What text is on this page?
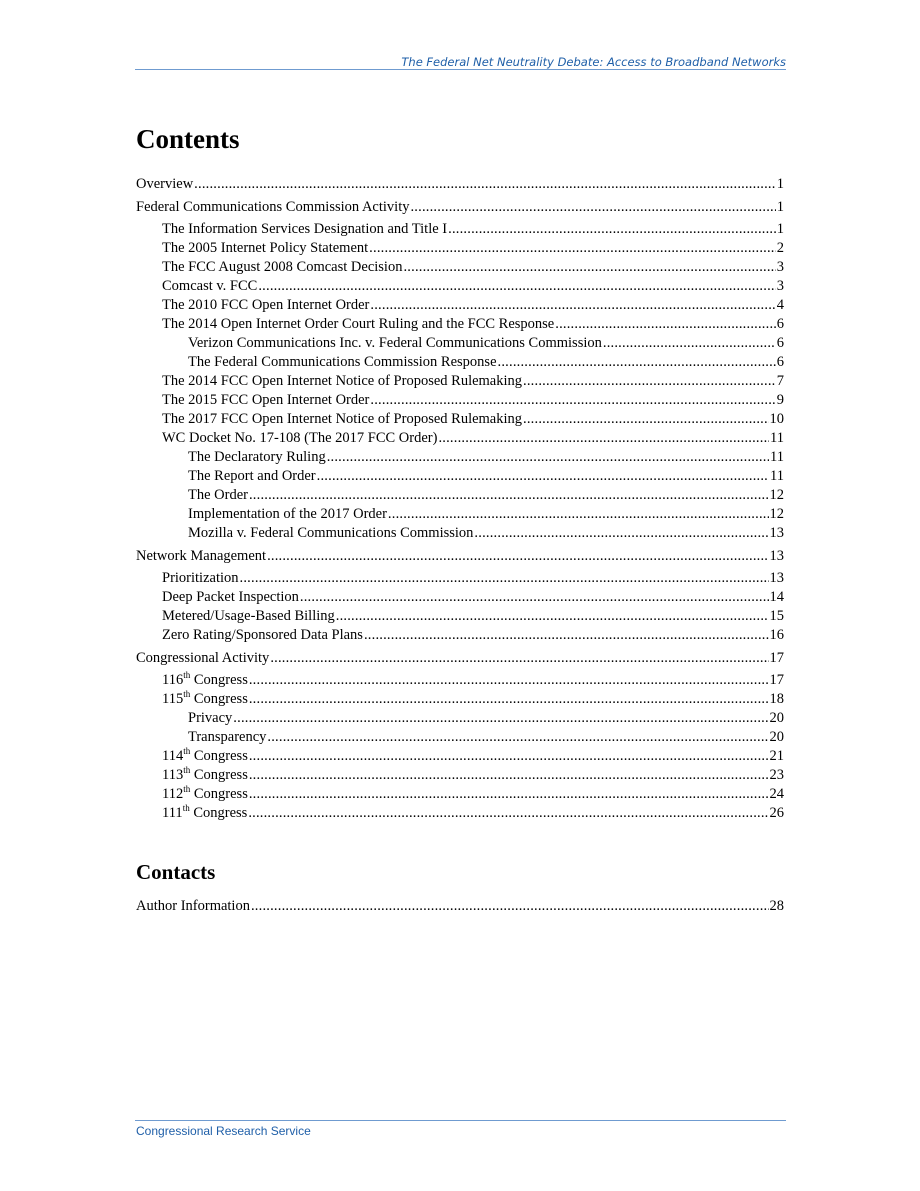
The Federal Net Neutrality Debate: Access to Broadband Networks
Contents
Overview .....	1
Federal Communications Commission Activity .....	1
The Information Services Designation and Title I .....	1
The 2005 Internet Policy Statement .....	2
The FCC August 2008 Comcast Decision .....	3
Comcast v. FCC .....	3
The 2010 FCC Open Internet Order .....	4
The 2014 Open Internet Order Court Ruling and the FCC Response .....	6
Verizon Communications Inc. v. Federal Communications Commission .....	6
The Federal Communications Commission Response .....	6
The 2014 FCC Open Internet Notice of Proposed Rulemaking .....	7
The 2015 FCC Open Internet Order .....	9
The 2017 FCC Open Internet Notice of Proposed Rulemaking .....	10
WC Docket No. 17-108 (The 2017 FCC Order) .....	11
The Declaratory Ruling .....	11
The Report and Order .....	11
The Order .....	12
Implementation of the 2017 Order .....	12
Mozilla v. Federal Communications Commission .....	13
Network Management .....	13
Prioritization .....	13
Deep Packet Inspection .....	14
Metered/Usage-Based Billing .....	15
Zero Rating/Sponsored Data Plans .....	16
Congressional Activity .....	17
116th Congress .....	17
115th Congress .....	18
Privacy .....	20
Transparency .....	20
114th Congress .....	21
113th Congress .....	23
112th Congress .....	24
111th Congress .....	26
Contacts
Author Information .....	28
Congressional Research Service
